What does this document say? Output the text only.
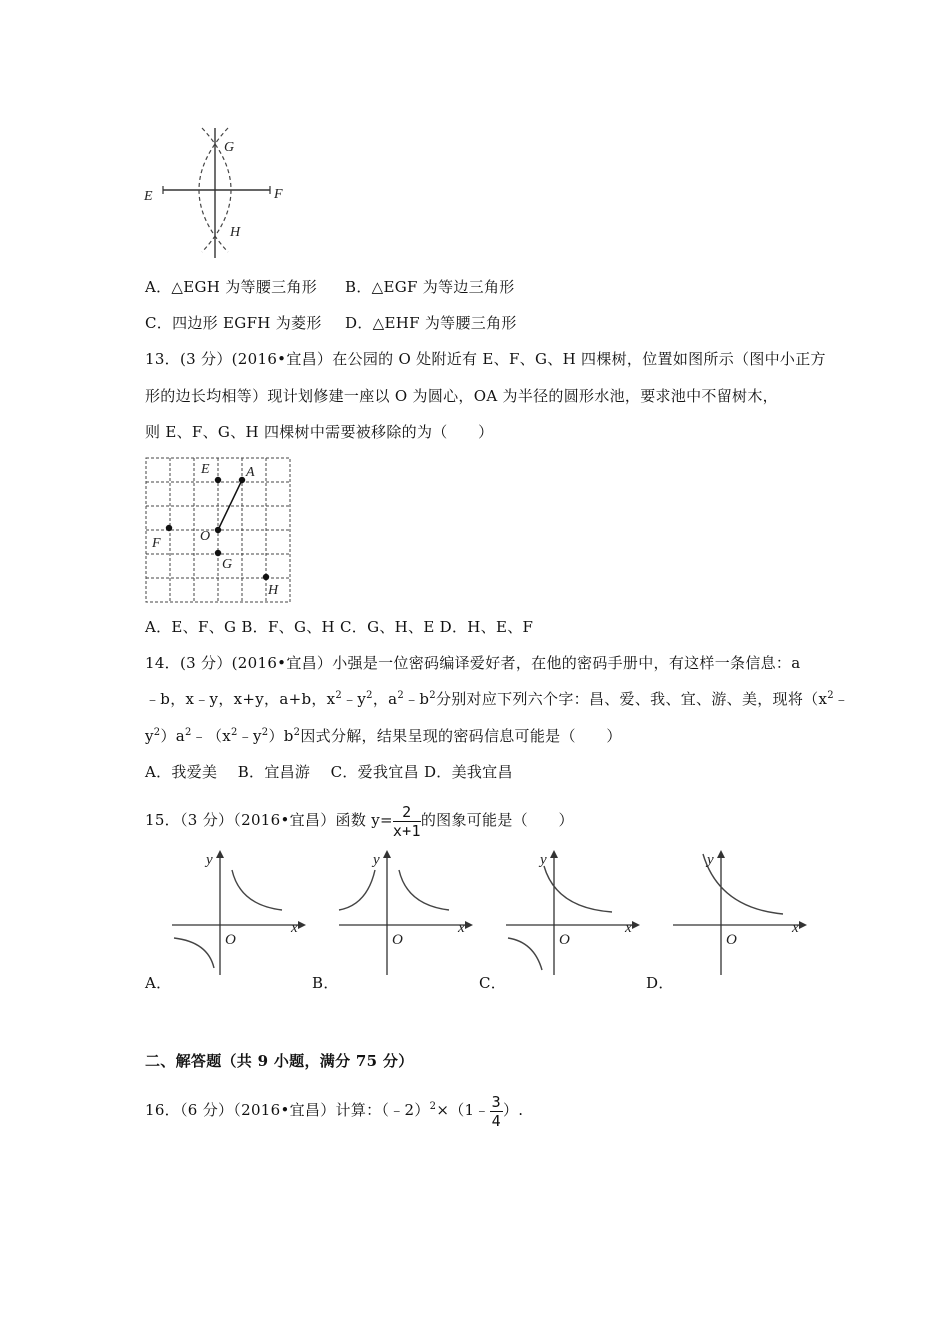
E	F
G
H
A．△EGH 为等腰三角形 B．△EGF 为等边三角形
C．四边形 EGFH 为菱形 D．△EHF 为等腰三角形
13．(3 分）(2016•宜昌）在公园的 O 处附近有 E、F、G、H 四棵树，位置如图所示（图中小正方
形的边长均相等）现计划修建一座以 O 为圆心，OA 为半径的圆形水池，要求池中不留树木，
则 E、F、G、H 四棵树中需要被移除的为（　　）
E	A
F	O
G
H
A．E、F、G B．F、G、H C．G、H、E D．H、E、F
14．(3 分）(2016•宜昌）小强是一位密码编译爱好者，在他的密码手册中，有这样一条信息：a
﹣b，x﹣y，x+y，a+b，$x^2﹣y^2$，$a^2﹣b^2$分别对应下列六个字：昌、爱、我、宜、游、美，现将（$x^2﹣$
$y^2)a^2﹣(x^2﹣y^2)b^2$因式分解，结果呈现的密码信息可能是（　　）
A．我爱美　 B．宜昌游　 C．爱我宜昌 D．美我宜昌
15．（3 分）（2016•宜昌）函数 $y= \frac{2}{x+1}$ 的图象可能是（　　）
y
x
O
A．
y
x
O
B．
y
x
O
C．
y
x
O
D．
二、解答题（共 9 小题，满分 75 分）
16．（6 分）（2016•宜昌）计算：（﹣2）$^2$×（1﹣ $\frac{3}{4}$ ）.
